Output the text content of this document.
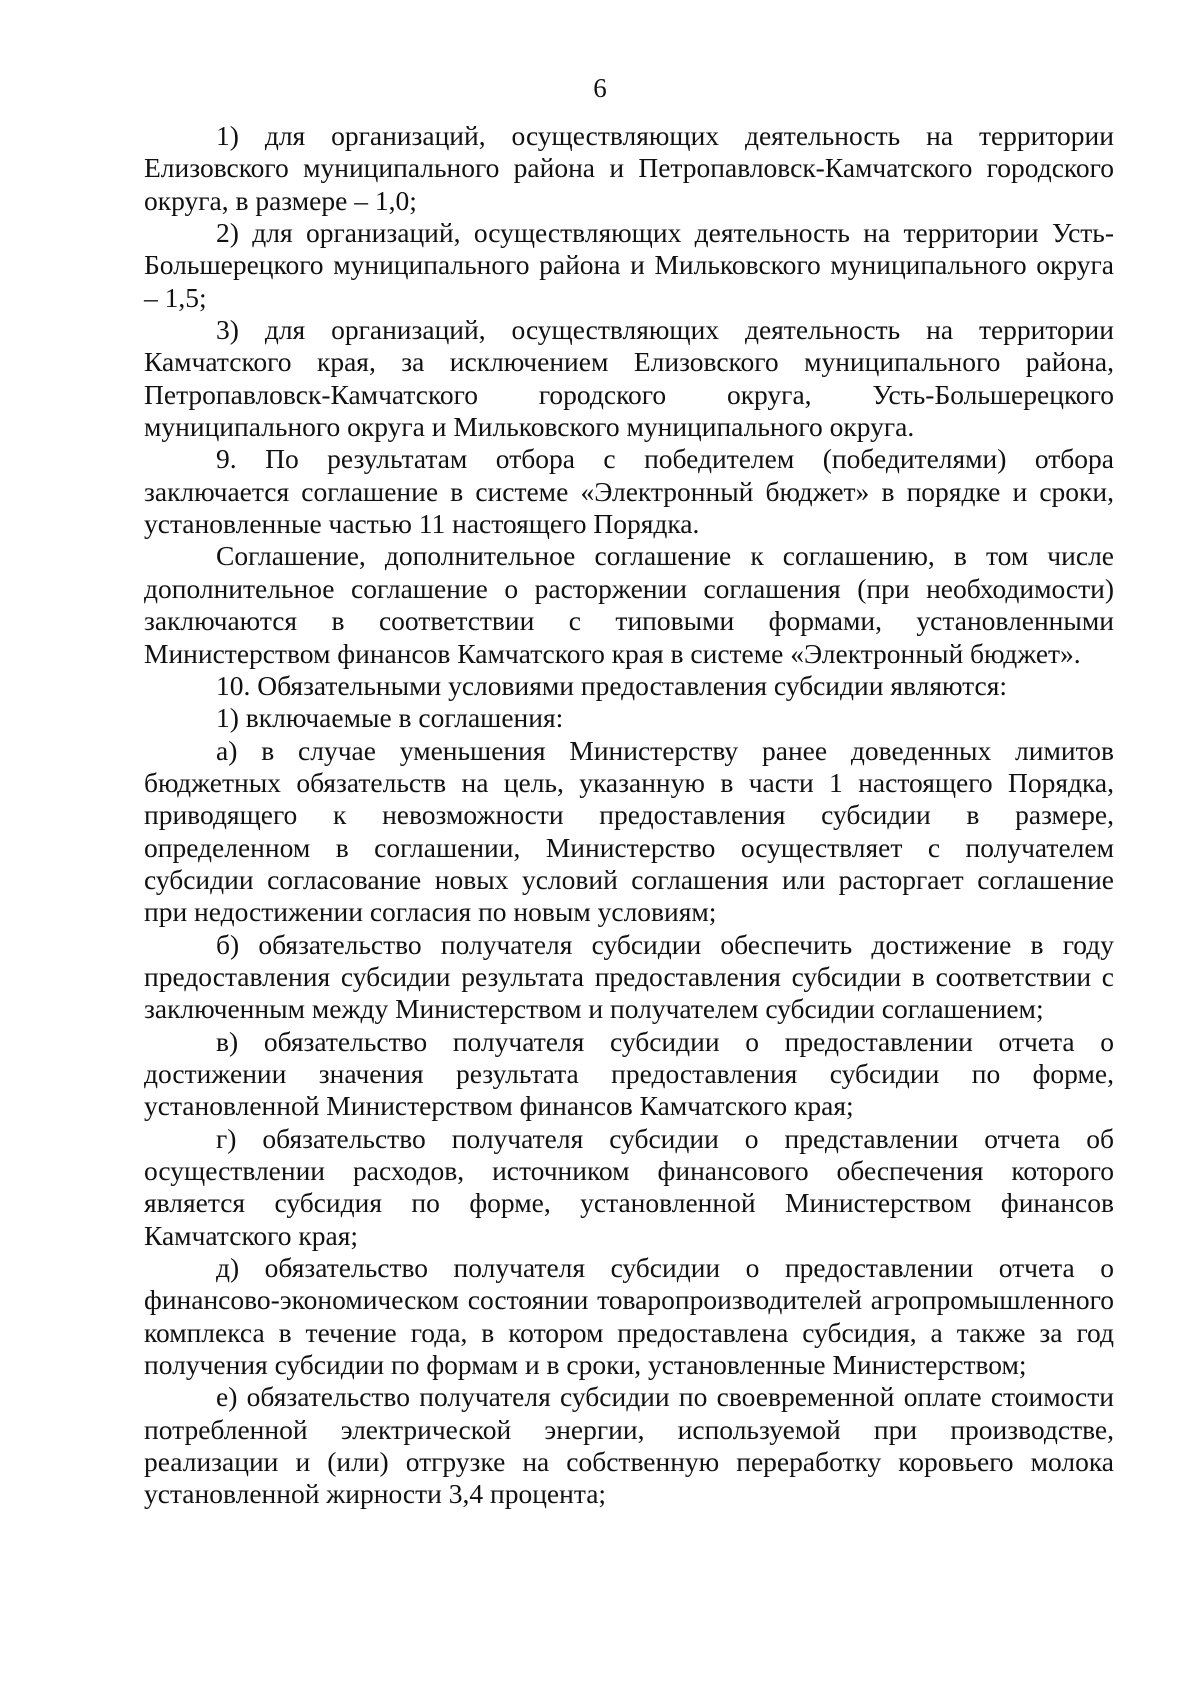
6

1) для организаций, осуществляющих деятельность на территории Елизовского муниципального района и Петропавловск-Камчатского городского округа, в размере – 1,0;

2) для организаций, осуществляющих деятельность на территории Усть-Большерецкого муниципального района и Мильковского муниципального округа – 1,5;

3) для организаций, осуществляющих деятельность на территории Камчатского края, за исключением Елизовского муниципального района, Петропавловск-Камчатского городского округа, Усть-Большерецкого муниципального округа и Мильковского муниципального округа.

9. По результатам отбора с победителем (победителями) отбора заключается соглашение в системе «Электронный бюджет» в порядке и сроки, установленные частью 11 настоящего Порядка.

Соглашение, дополнительное соглашение к соглашению, в том числе дополнительное соглашение о расторжении соглашения (при необходимости) заключаются в соответствии с типовыми формами, установленными Министерством финансов Камчатского края в системе «Электронный бюджет».

10. Обязательными условиями предоставления субсидии являются:

1) включаемые в соглашения:

а) в случае уменьшения Министерству ранее доведенных лимитов бюджетных обязательств на цель, указанную в части 1 настоящего Порядка, приводящего к невозможности предоставления субсидии в размере, определенном в соглашении, Министерство осуществляет с получателем субсидии согласование новых условий соглашения или расторгает соглашение при недостижении согласия по новым условиям;

б) обязательство получателя субсидии обеспечить достижение в году предоставления субсидии результата предоставления субсидии в соответствии с заключенным между Министерством и получателем субсидии соглашением;

в) обязательство получателя субсидии о предоставлении отчета о достижении значения результата предоставления субсидии по форме, установленной Министерством финансов Камчатского края;

г) обязательство получателя субсидии о представлении отчета об осуществлении расходов, источником финансового обеспечения которого является субсидия по форме, установленной Министерством финансов Камчатского края;

д) обязательство получателя субсидии о предоставлении отчета о финансово-экономическом состоянии товаропроизводителей агропромышленного комплекса в течение года, в котором предоставлена субсидия, а также за год получения субсидии по формам и в сроки, установленные Министерством;

е) обязательство получателя субсидии по своевременной оплате стоимости потребленной электрической энергии, используемой при производстве, реализации и (или) отгрузке на собственную переработку коровьего молока установленной жирности 3,4 процента;
